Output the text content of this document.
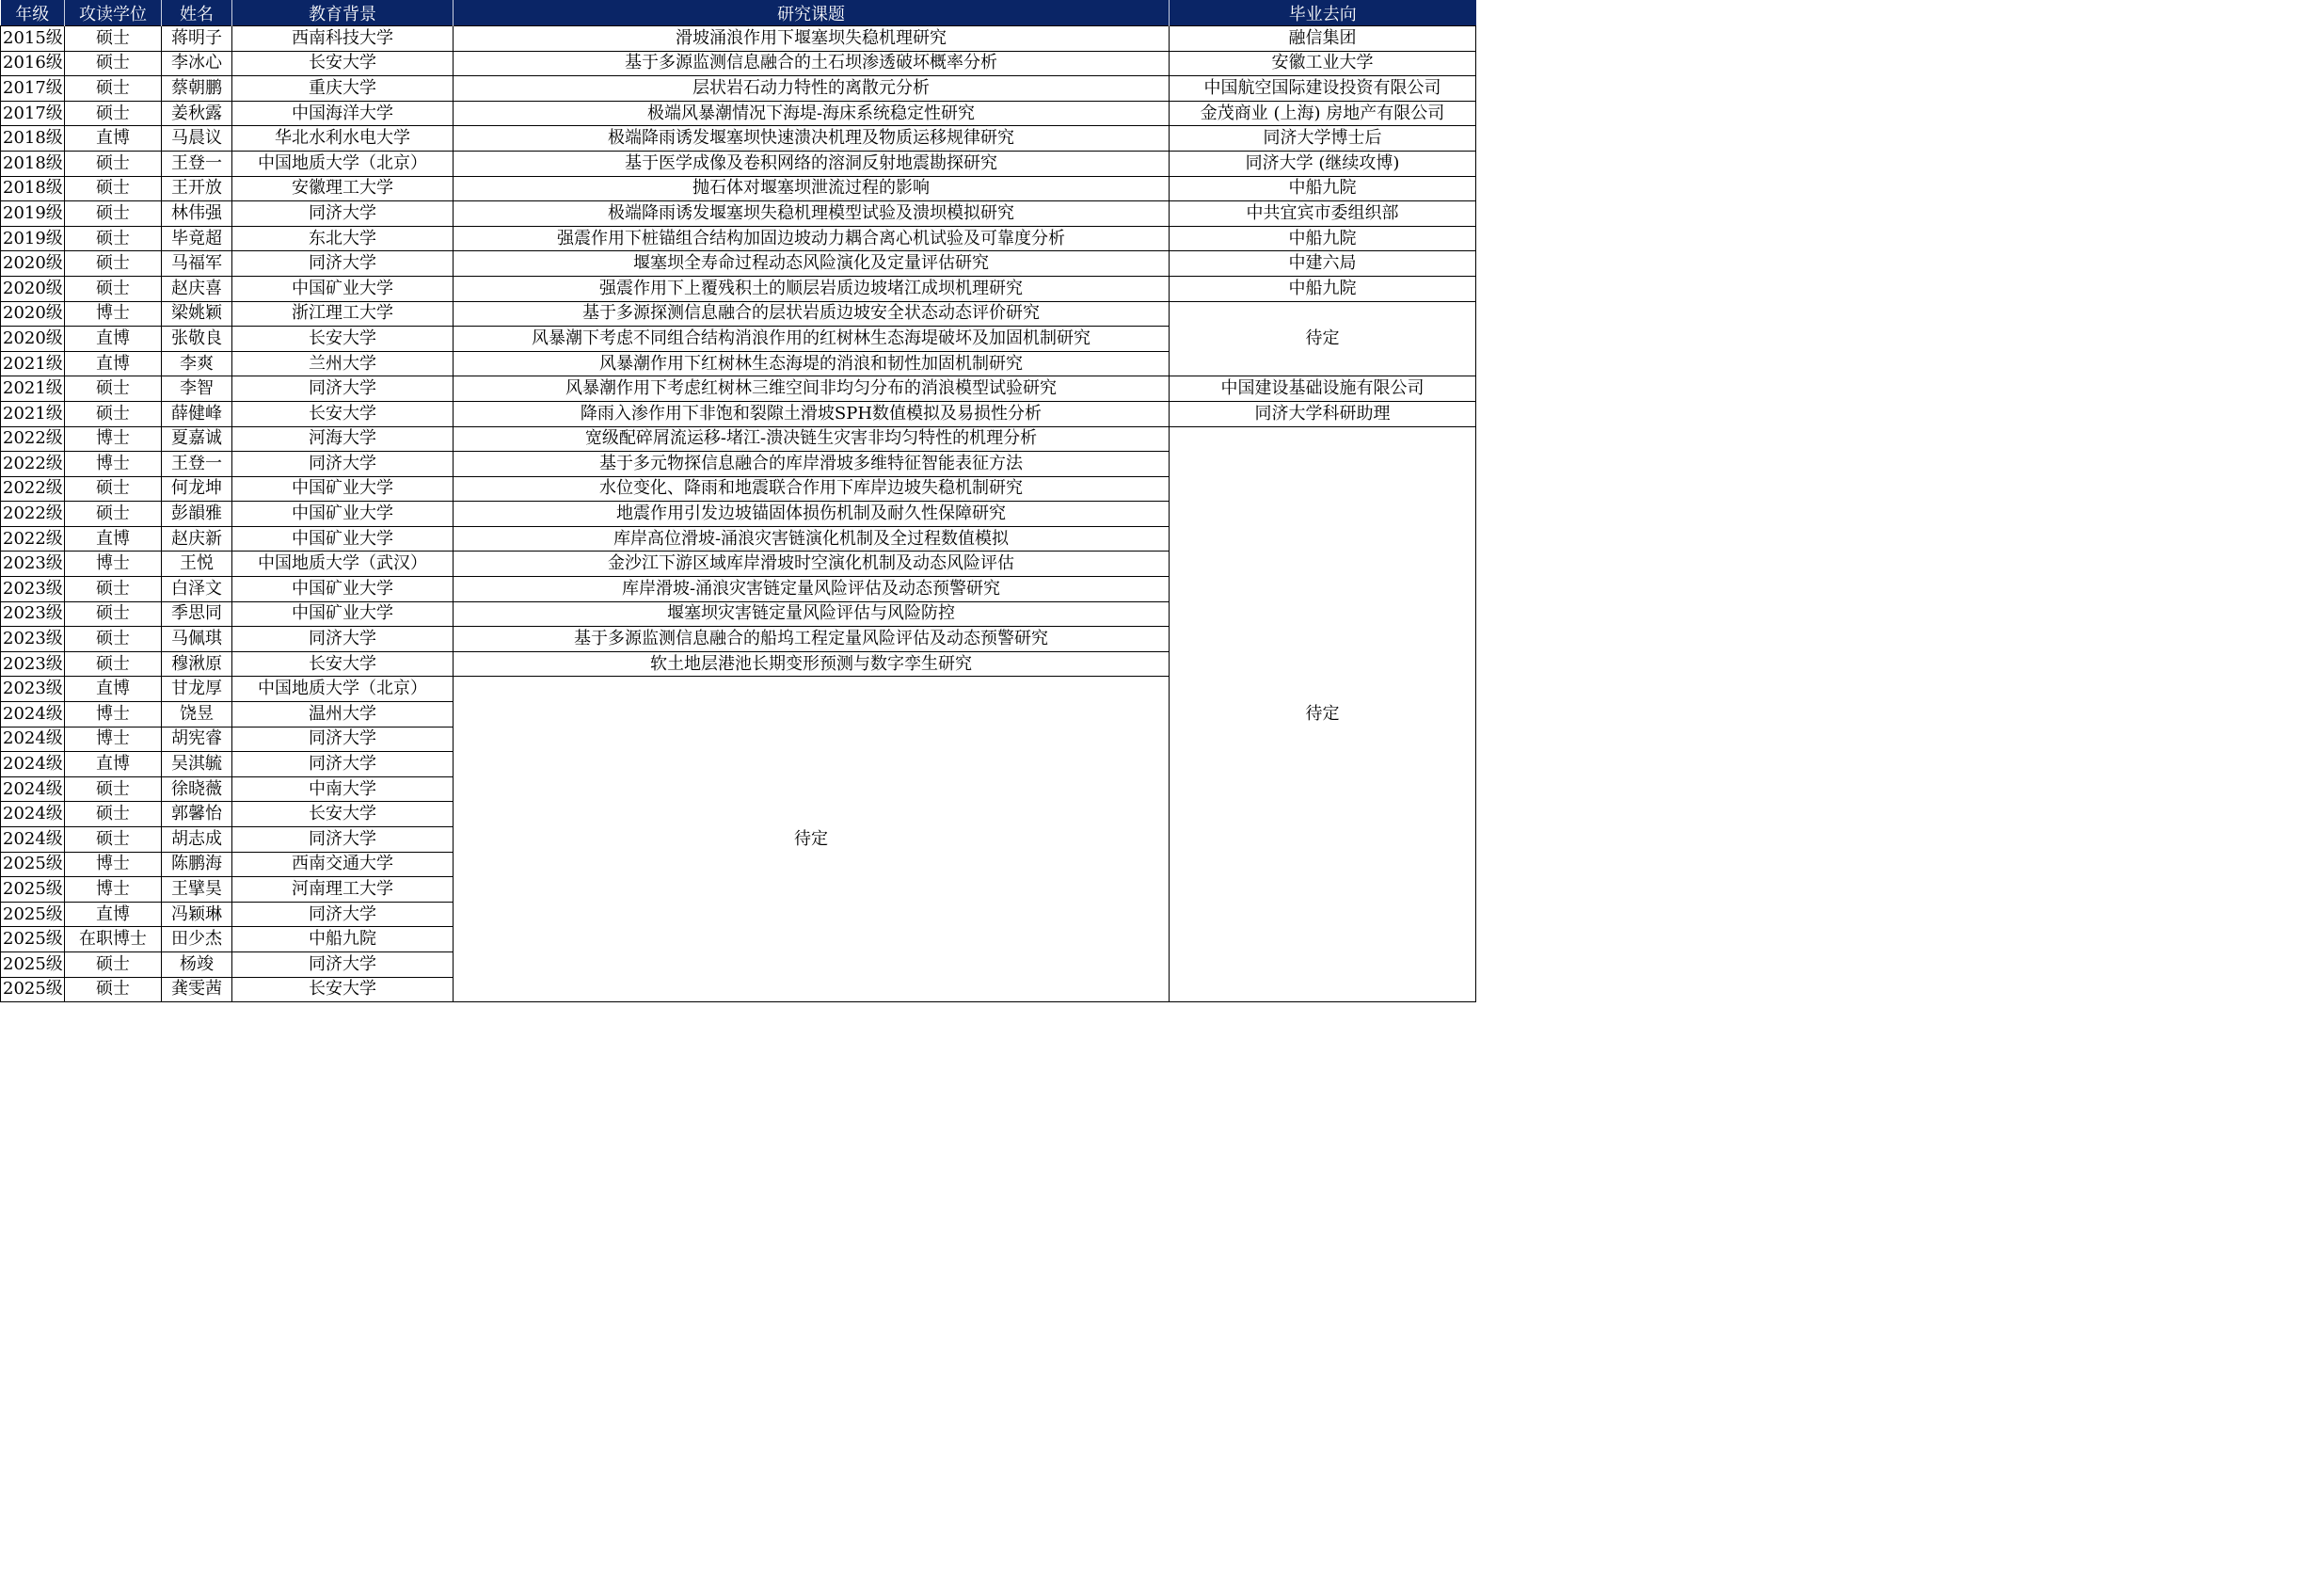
年级	攻读学位	姓名	教育背景	研究课题	毕业去向
2015级	硕士	蒋明子	西南科技大学	滑坡涌浪作用下堰塞坝失稳机理研究	融信集团
2016级	硕士	李冰心	长安大学	基于多源监测信息融合的土石坝渗透破坏概率分析	安徽工业大学
2017级	硕士	蔡朝鹏	重庆大学	层状岩石动力特性的离散元分析	中国航空国际建设投资有限公司
2017级	硕士	姜秋露	中国海洋大学	极端风暴潮情况下海堤-海床系统稳定性研究	金茂商业 (上海) 房地产有限公司
2018级	直博	马晨议	华北水利水电大学	极端降雨诱发堰塞坝快速溃决机理及物质运移规律研究	同济大学博士后
2018级	硕士	王登一	中国地质大学（北京）	基于医学成像及卷积网络的溶洞反射地震勘探研究	同济大学 (继续攻博)
2018级	硕士	王开放	安徽理工大学	抛石体对堰塞坝泄流过程的影响	中船九院
2019级	硕士	林伟强	同济大学	极端降雨诱发堰塞坝失稳机理模型试验及溃坝模拟研究	中共宜宾市委组织部
2019级	硕士	毕竟超	东北大学	强震作用下桩锚组合结构加固边坡动力耦合离心机试验及可靠度分析	中船九院
2020级	硕士	马福军	同济大学	堰塞坝全寿命过程动态风险演化及定量评估研究	中建六局
2020级	硕士	赵庆喜	中国矿业大学	强震作用下上覆残积土的顺层岩质边坡堵江成坝机理研究	中船九院
2020级	博士	梁姚颖	浙江理工大学	基于多源探测信息融合的层状岩质边坡安全状态动态评价研究	待定
2020级	直博	张敬良	长安大学	风暴潮下考虑不同组合结构消浪作用的红树林生态海堤破坏及加固机制研究	
2021级	直博	李爽	兰州大学	风暴潮作用下红树林生态海堤的消浪和韧性加固机制研究	
2021级	硕士	李智	同济大学	风暴潮作用下考虑红树林三维空间非均匀分布的消浪模型试验研究	中国建设基础设施有限公司
2021级	硕士	薛健峰	长安大学	降雨入渗作用下非饱和裂隙土滑坡SPH数值模拟及易损性分析	同济大学科研助理
2022级	博士	夏嘉诚	河海大学	宽级配碎屑流运移-堵江-溃决链生灾害非均匀特性的机理分析	待定
2022级	博士	王登一	同济大学	基于多元物探信息融合的库岸滑坡多维特征智能表征方法	
2022级	硕士	何龙坤	中国矿业大学	水位变化、降雨和地震联合作用下库岸边坡失稳机制研究	
2022级	硕士	彭韻雅	中国矿业大学	地震作用引发边坡锚固体损伤机制及耐久性保障研究	
2022级	直博	赵庆新	中国矿业大学	库岸高位滑坡-涌浪灾害链演化机制及全过程数值模拟	
2023级	博士	王悦	中国地质大学（武汉）	金沙江下游区域库岸滑坡时空演化机制及动态风险评估	
2023级	硕士	白泽文	中国矿业大学	库岸滑坡-涌浪灾害链定量风险评估及动态预警研究	
2023级	硕士	季思同	中国矿业大学	堰塞坝灾害链定量风险评估与风险防控	
2023级	硕士	马佩琪	同济大学	基于多源监测信息融合的船坞工程定量风险评估及动态预警研究	
2023级	硕士	穆湫原	长安大学	软土地层港池长期变形预测与数字孪生研究	
2023级	直博	甘龙厚	中国地质大学（北京）	待定	
2024级	博士	饶昱	温州大学		
2024级	博士	胡宪睿	同济大学		
2024级	直博	吴淇毓	同济大学		
2024级	硕士	徐晓薇	中南大学		
2024级	硕士	郭馨怡	长安大学		
2024级	硕士	胡志成	同济大学		
2025级	博士	陈鹏海	西南交通大学		
2025级	博士	王擘昊	河南理工大学		
2025级	直博	冯颖琳	同济大学		
2025级	在职博士	田少杰	中船九院		
2025级	硕士	杨竣	同济大学		
2025级	硕士	龚雯茜	长安大学		
